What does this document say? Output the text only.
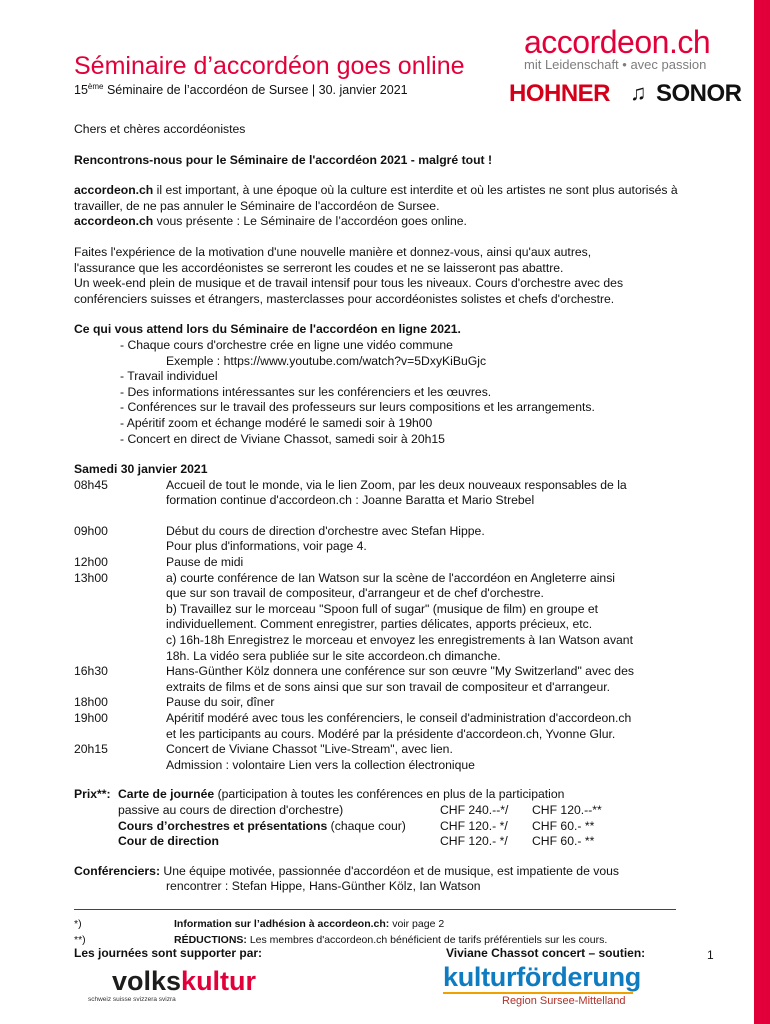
Séminaire d’accordéon goes online
15ème Séminaire de l’accordéon de Sursee | 30. janvier 2021
accordeon.ch
mit Leidenschaft • avec passion
HOHNER ♫ SONOR

Chers et chères accordéonistes

Rencontrons-nous pour le Séminaire de l'accordéon 2021 - malgré tout !

accordeon.ch il est important, à une époque où la culture est interdite et où les artistes ne sont plus autorisés à travailler, de ne pas annuler le Séminaire de l'accordéon de Sursee.

accordeon.ch vous présente : Le Séminaire de l’accordéon goes online.

Faites l'expérience de la motivation d'une nouvelle manière et donnez-vous, ainsi qu'aux autres,

l'assurance que les accordéonistes se serreront les coudes et ne se laisseront pas abattre.

Un week-end plein de musique et de travail intensif pour tous les niveaux. Cours d'orchestre avec des

conférenciers suisses et étrangers, masterclasses pour accordéonistes solistes et chefs d'orchestre.

Ce qui vous attend lors du Séminaire de l'accordéon en ligne 2021.

- Chaque cours d'orchestre crée en ligne une vidéo commune

Exemple : https://www.youtube.com/watch?v=5DxyKiBuGjc

- Travail individuel

- Des informations intéressantes sur les conférenciers et les œuvres.

- Conférences sur le travail des professeurs sur leurs compositions et les arrangements.

- Apéritif zoom et échange modéré le samedi soir à 19h00

- Concert en direct de Viviane Chassot, samedi soir à 20h15

Samedi 30 janvier 2021

08h45	Accueil de tout le monde, via le lien Zoom, par les deux nouveaux responsables de la
formation continue d'accordeon.ch : Joanne Baratta et Mario Strebel
09h00	Début du cours de direction d'orchestre avec Stefan Hippe.
Pour plus d'informations, voir page 4.
12h00	Pause de midi
13h00	a) courte conférence de Ian Watson sur la scène de l'accordéon en Angleterre ainsi
que sur son travail de compositeur, d'arrangeur et de chef d'orchestre.
b) Travaillez sur le morceau "Spoon full of sugar" (musique de film) en groupe et
individuellement. Comment enregistrer, parties délicates, apports précieux, etc.
c) 16h-18h Enregistrez le morceau et envoyez les enregistrements à Ian Watson avant
18h. La vidéo sera publiée sur le site accordeon.ch dimanche.
16h30	Hans-Günther Kölz donnera une conférence sur son œuvre "My Switzerland" avec des
extraits de films et de sons ainsi que sur son travail de compositeur et d'arrangeur.
18h00	Pause du soir, dîner
19h00	Apéritif modéré avec tous les conférenciers, le conseil d'administration d'accordeon.ch
et les participants au cours. Modéré par la présidente d'accordeon.ch, Yvonne Glur.
20h15	Concert de Viviane Chassot "Live-Stream", avec lien.
Admission : volontaire Lien vers la collection électronique
Prix**: Carte de journée (participation à toutes les conférences en plus de la participation
passive au cours de direction d'orchestre)	CHF 240.--*/	CHF 120.--**
Cours d’orchestres et présentations (chaque cour)	CHF 120.- */	CHF 60.- **
Cour de direction	CHF 120.- */	CHF 60.- **

Conférenciers: Une équipe motivée, passionnée d'accordéon et de musique, est impatiente de vous

rencontrer : Stefan Hippe, Hans-Günther Kölz, Ian Watson

*)	Information sur l’adhésion à accordeon.ch: voir page 2
**)	RÉDUCTIONS: Les membres d'accordeon.ch bénéficient de tarifs préférentiels sur les cours.
Les journées sont supporter par:	Viviane Chassot concert – soutien:	1
volkskultur
schweiz suisse svizzera svizra
kulturförderung
Region Sursee-Mittelland
